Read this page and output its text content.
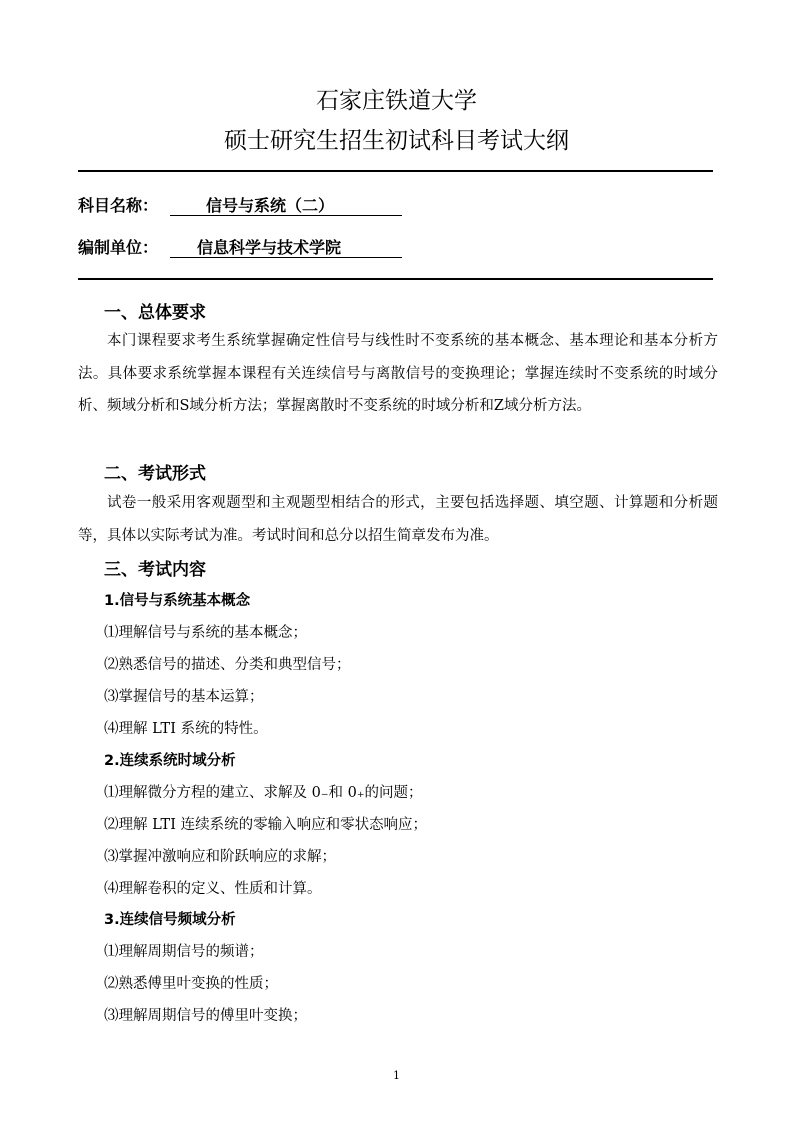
石家庄铁道大学
硕士研究生招生初试科目考试大纲
科目名称：	信号与系统（二）
编制单位： 信息科学与技术学院
一、总体要求

本门课程要求考生系统掌握确定性信号与线性时不变系统的基本概念、基本理论和基本分析方法。具体要求系统掌握本课程有关连续信号与离散信号的变换理论；掌握连续时不变系统的时域分析、频域分析和S域分析方法；掌握离散时不变系统的时域分析和Z域分析方法。

二、考试形式

试卷一般采用客观题型和主观题型相结合的形式，主要包括选择题、填空题、计算题和分析题等，具体以实际考试为准。考试时间和总分以招生简章发布为准。

三、考试内容
1.信号与系统基本概念
⑴理解信号与系统的基本概念；
⑵熟悉信号的描述、分类和典型信号；
⑶掌握信号的基本运算；
⑷理解 LTI 系统的特性。
2.连续系统时域分析
⑴理解微分方程的建立、求解及 0₋和 0₊的问题；
⑵理解 LTI 连续系统的零输入响应和零状态响应；
⑶掌握冲激响应和阶跃响应的求解；
⑷理解卷积的定义、性质和计算。
3.连续信号频域分析
⑴理解周期信号的频谱；
⑵熟悉傅里叶变换的性质；
⑶理解周期信号的傅里叶变换；
1
